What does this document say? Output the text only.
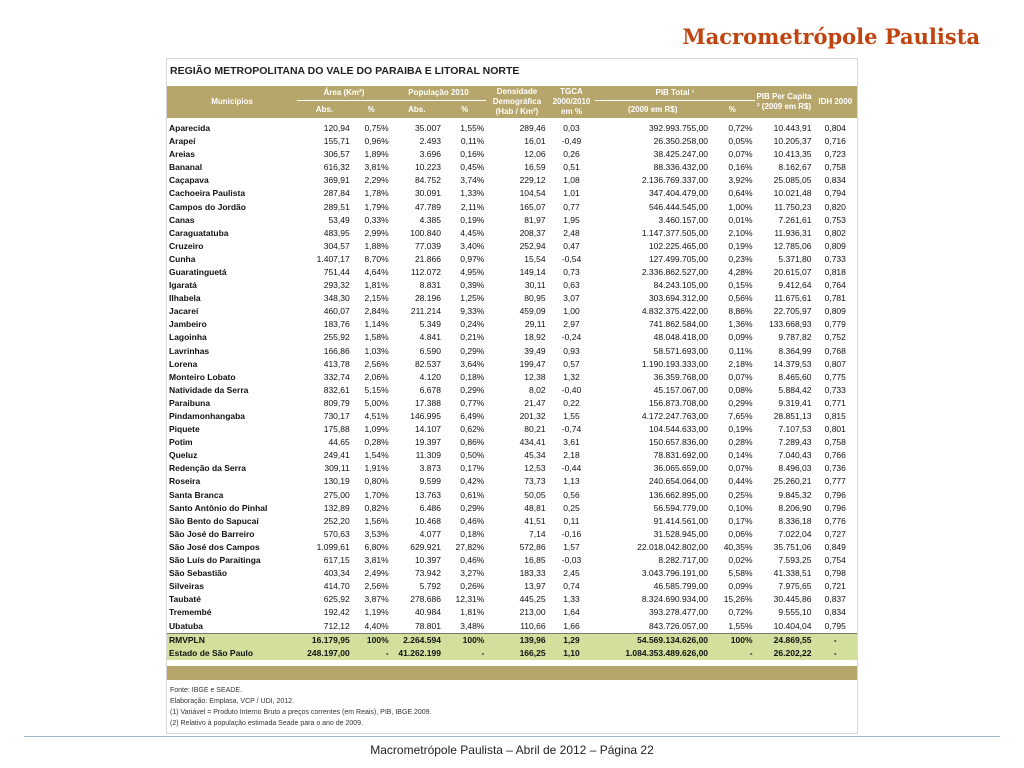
Macrometrópole Paulista
REGIÃO METROPOLITANA DO VALE DO PARAIBA E LITORAL NORTE
Municípios	Área (Km²)		População 2010		Densidade Demográfica (Hab / Km²)	TGCA 2000/2010 em %	PIB Total ¹		PIB Per Capita ² (2009 em R$)	IDH 2000
	Abs.	%	Abs.	%			(2009 em R$)	%		
Aparecida	120,94	0,75%	35.007	1,55%	289,46	0,03	392.993.755,00	0,72%	10.443,91	0,804
Arapeí	155,71	0,96%	2.493	0,11%	16,01	-0,49	26.350.258,00	0,05%	10.205,37	0,716
Areias	306,57	1,89%	3.696	0,16%	12,06	0,26	38.425.247,00	0,07%	10.413,35	0,723
Bananal	616,32	3,81%	10.223	0,45%	16,59	0,51	88.336.432,00	0,16%	8.162,67	0,758
Caçapava	369,91	2,29%	84.752	3,74%	229,12	1,08	2.136.769.337,00	3,92%	25.085,05	0,834
Cachoeira Paulista	287,84	1,78%	30.091	1,33%	104,54	1,01	347.404.479,00	0,64%	10.021,48	0,794
Campos do Jordão	289,51	1,79%	47.789	2,11%	165,07	0,77	546.444.545,00	1,00%	11.750,23	0,820
Canas	53,49	0,33%	4.385	0,19%	81,97	1,95	3.460.157,00	0,01%	7.261,61	0,753
Caraguatatuba	483,95	2,99%	100.840	4,45%	208,37	2,48	1.147.377.505,00	2,10%	11.936,31	0,802
Cruzeiro	304,57	1,88%	77.039	3,40%	252,94	0,47	102.225.465,00	0,19%	12.785,06	0,809
Cunha	1.407,17	8,70%	21.866	0,97%	15,54	-0,54	127.499.705,00	0,23%	5.371,80	0,733
Guaratinguetá	751,44	4,64%	112.072	4,95%	149,14	0,73	2.336.862.527,00	4,28%	20.615,07	0,818
Igaratá	293,32	1,81%	8.831	0,39%	30,11	0,63	84.243.105,00	0,15%	9.412,64	0,764
Ilhabela	348,30	2,15%	28.196	1,25%	80,95	3,07	303.694.312,00	0,56%	11.675,61	0,781
Jacareí	460,07	2,84%	211.214	9,33%	459,09	1,00	4.832.375.422,00	8,86%	22.705,97	0,809
Jambeiro	183,76	1,14%	5.349	0,24%	29,11	2,97	741.862.584,00	1,36%	133.668,93	0,779
Lagoinha	255,92	1,58%	4.841	0,21%	18,92	-0,24	48.048.418,00	0,09%	9.787,82	0,752
Lavrinhas	166,86	1,03%	6.590	0,29%	39,49	0,93	58.571.693,00	0,11%	8.364,99	0,768
Lorena	413,78	2,56%	82.537	3,64%	199,47	0,57	1.190.193.333,00	2,18%	14.379,53	0,807
Monteiro Lobato	332,74	2,06%	4.120	0,18%	12,38	1,32	36.359.768,00	0,07%	8.465,60	0,775
Natividade da Serra	832,61	5,15%	6.678	0,29%	8,02	-0,40	45.157.067,00	0,08%	5.884,42	0,733
Paraibuna	809,79	5,00%	17.388	0,77%	21,47	0,22	156.873.708,00	0,29%	9.319,41	0,771
Pindamonhangaba	730,17	4,51%	146.995	6,49%	201,32	1,55	4.172.247.763,00	7,65%	28.851,13	0,815
Piquete	175,88	1,09%	14.107	0,62%	80,21	-0,74	104.544.633,00	0,19%	7.107,53	0,801
Potim	44,65	0,28%	19.397	0,86%	434,41	3,61	150.657.836,00	0,28%	7.289,43	0,758
Queluz	249,41	1,54%	11.309	0,50%	45,34	2,18	78.831.692,00	0,14%	7.040,43	0,766
Redenção da Serra	309,11	1,91%	3.873	0,17%	12,53	-0,44	36.065.659,00	0,07%	8.496,03	0,736
Roseira	130,19	0,80%	9.599	0,42%	73,73	1,13	240.654.064,00	0,44%	25.260,21	0,777
Santa Branca	275,00	1,70%	13.763	0,61%	50,05	0,56	136.662.895,00	0,25%	9.845,32	0,796
Santo Antônio do Pinhal	132,89	0,82%	6.486	0,29%	48,81	0,25	56.594.779,00	0,10%	8.206,90	0,796
São Bento do Sapucaí	252,20	1,56%	10.468	0,46%	41,51	0,11	91.414.561,00	0,17%	8.336,18	0,776
São José do Barreiro	570,63	3,53%	4.077	0,18%	7,14	-0,16	31.528.945,00	0,06%	7.022,04	0,727
São José dos Campos	1.099,61	6,80%	629.921	27,82%	572,86	1,57	22.018.042.802,00	40,35%	35.751,06	0,849
São Luís do Paraitinga	617,15	3,81%	10.397	0,46%	16,85	-0,03	8.282.717,00	0,02%	7.593,25	0,754
São Sebastião	403,34	2,49%	73.942	3,27%	183,33	2,45	3.043.796.191,00	5,58%	41.338,51	0,798
Silveiras	414,70	2,56%	5.792	0,26%	13,97	0,74	46.585.799,00	0,09%	7.975,65	0,721
Taubaté	625,92	3,87%	278.686	12,31%	445,25	1,33	8.324.690.934,00	15,26%	30.445,86	0,837
Tremembé	192,42	1,19%	40.984	1,81%	213,00	1,64	393.278.477,00	0,72%	9.555,10	0,834
Ubatuba	712,12	4,40%	78.801	3,48%	110,66	1,66	843.726.057,00	1,55%	10.404,04	0,795
RMVPLN	16.179,95	100%	2.264.594	100%	139,96	1,29	54.569.134.626,00	100%	24.869,55	-
Estado de São Paulo	248.197,00	-	41.262.199	-	166,25	1,10	1.084.353.489.626,00	-	26.202,22	-
Fonte: IBGE e SEADE.
Elaboração: Emplasa, VCP / UDI, 2012.
(1) Variável = Produto Interno Bruto a preços correntes (em Reais), PIB, IBGE 2009.
(2) Relativo à população estimada Seade para o ano de 2009.
Macrometrópole Paulista – Abril de 2012 – Página 22
